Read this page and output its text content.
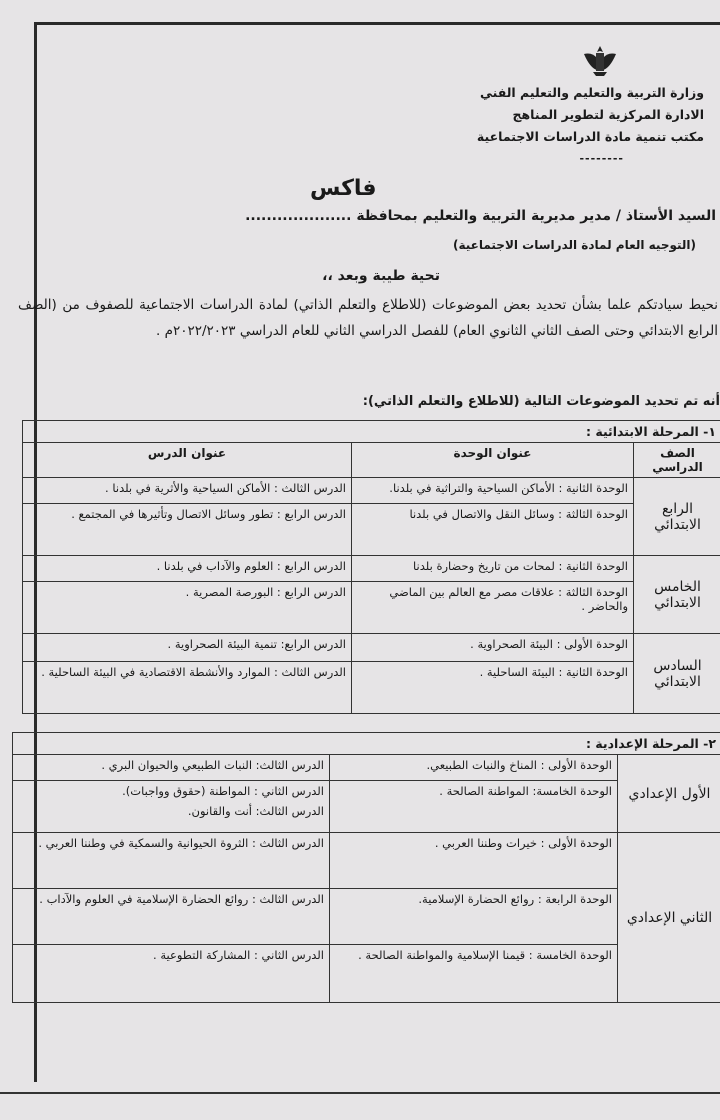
وزارة التربية والتعليم والتعليم الفني
الادارة المركزية لتطوير المناهج
مكتب تنمية مادة الدراسات الاجتماعية
--------
فاكس
السيد الأستاذ / مدير مديرية التربية والتعليم بمحافظة ....................
(التوجيه العام لمادة الدراسات الاجتماعية)
تحية طيبة وبعد ،،
نحيط سيادتكم علما بشأن تحديد بعض الموضوعات (للاطلاع والتعلم الذاتي) لمادة الدراسات الاجتماعية للصفوف من (الصف الرابع الابتدائي وحتى الصف الثاني الثانوي العام) للفصل الدراسي الثاني للعام الدراسي ٢٠٢٢/٢٠٢٣م .
أنه تم تحديد الموضوعات التالية (للاطلاع والتعلم الذاتي):
١- المرحلة الابتدائية :		
الصف الدراسي	عنوان الوحدة	عنوان الدرس
الرابع الابتدائي	الوحدة الثانية : الأماكن السياحية والتراثية في بلدنا.	الدرس الثالث : الأماكن السياحية والأثرية في بلدنا .
	الوحدة الثالثة : وسائل النقل والاتصال في بلدنا	الدرس الرابع : تطور وسائل الاتصال وتأثيرها في المجتمع .
الخامس الابتدائي	الوحدة الثانية : لمحات من تاريخ وحضارة بلدنا	الدرس الرابع : العلوم والآداب في بلدنا .
	الوحدة الثالثة : علاقات مصر مع العالم بين الماضي والحاضر .	الدرس الرابع : البورصة المصرية .
السادس الابتدائي	الوحدة الأولى : البيئة الصحراوية .	الدرس الرابع: تنمية البيئة الصحراوية .
	الوحدة الثانية : البيئة الساحلية .	الدرس الثالث : الموارد والأنشطة الاقتصادية في البيئة الساحلية .
٢- المرحلة الإعدادية :		
الأول الإعدادي	الوحدة الأولى : المناخ والنبات الطبيعي.	الدرس الثالث: النبات الطبيعي والحيوان البري .
	الوحدة الخامسة: المواطنة الصالحة .	الدرس الثاني : المواطنة (حقوق وواجبات).
الدرس الثالث: أنت والقانون.

الثاني الإعدادي	الوحدة الأولى : خيرات وطننا العربي .	الدرس الثالث : الثروة الحيوانية والسمكية في وطننا العربي .
	الوحدة الرابعة : روائع الحضارة الإسلامية.	الدرس الثالث : روائع الحضارة الإسلامية في العلوم والآداب .
	الوحدة الخامسة : قيمنا الإسلامية والمواطنة الصالحة .	الدرس الثاني : المشاركة التطوعية .
